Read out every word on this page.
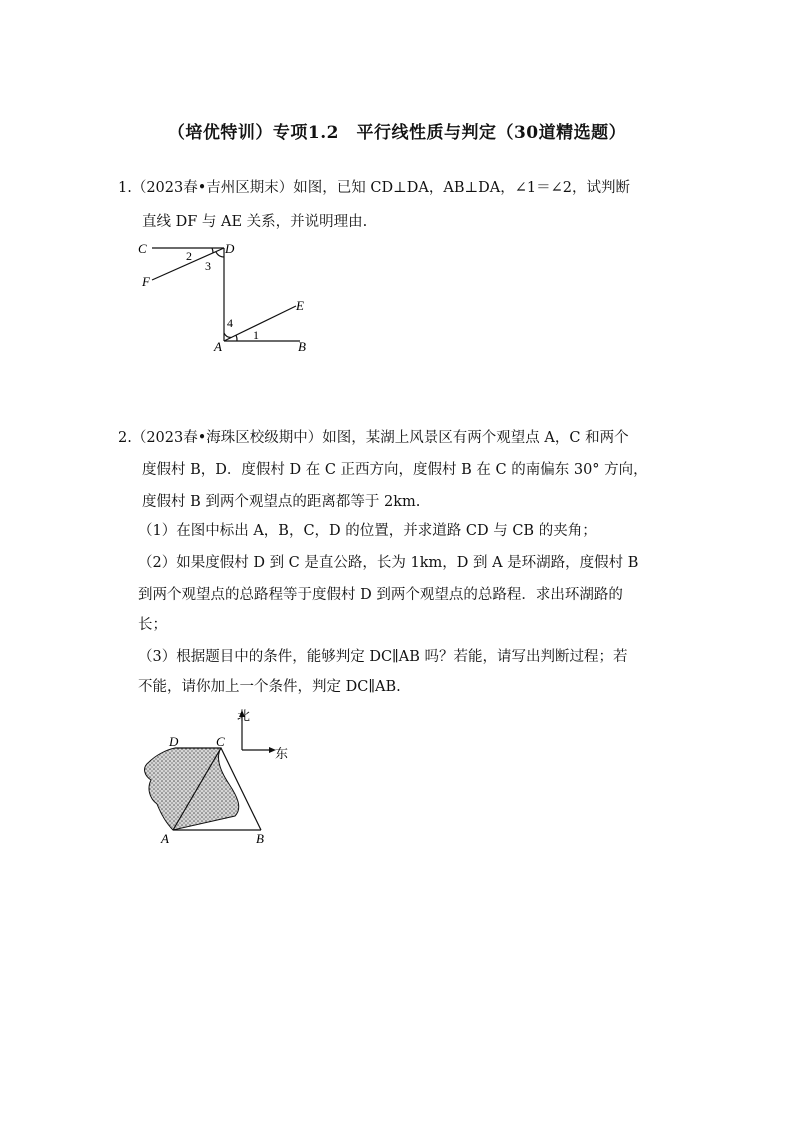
（培优特训）专项1.2　平行线性质与判定（30道精选题）
1.（2023春•吉州区期末）如图，已知 CD⊥DA，AB⊥DA，∠1＝∠2，试判断
直线 DF 与 AE 关系，并说明理由.
C	D
F
E
A	B
2
3
4
1
2.（2023春•海珠区校级期中）如图，某湖上风景区有两个观望点 A，C 和两个
度假村 B，D．度假村 D 在 C 正西方向，度假村 B 在 C 的南偏东 30° 方向，
度假村 B 到两个观望点的距离都等于 2km.
（1）在图中标出 A，B，C，D 的位置，并求道路 CD 与 CB 的夹角；
（2）如果度假村 D 到 C 是直公路，长为 1km，D 到 A 是环湖路，度假村 B
到两个观望点的总路程等于度假村 D 到两个观望点的总路程．求出环湖路的
长；
（3）根据题目中的条件，能够判定 DC∥AB 吗？若能，请写出判断过程；若
不能，请你加上一个条件，判定 DC∥AB.
D	C
A	B
北
东
